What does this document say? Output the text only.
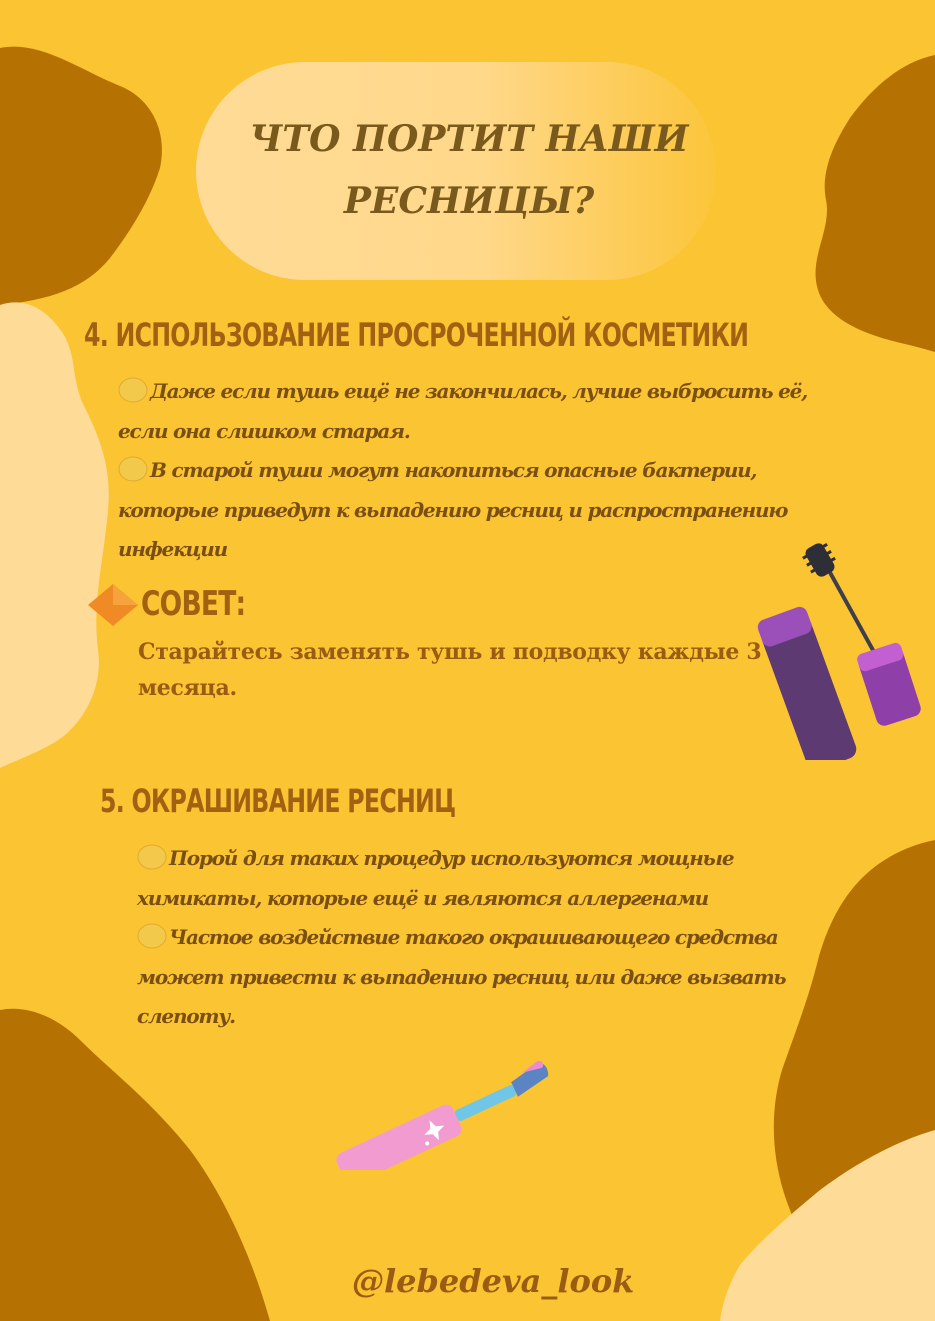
ЧТО ПОРТИТ НАШИ
РЕСНИЦЫ?
4. ИСПОЛЬЗОВАНИЕ ПРОСРОЧЕННОЙ КОСМЕТИКИ

Даже если тушь ещё не закончилась, лучше выбросить её, если она слишком старая.
В старой туши могут накопиться опасные бактерии, которые приведут к выпадению ресниц и распространению инфекции

СОВЕТ:

Старайтесь заменять тушь и подводку каждые 3 месяца.

5. ОКРАШИВАНИЕ РЕСНИЦ

Порой для таких процедур используются мощные химикаты, которые ещё и являются аллергенами
Частое воздействие такого окрашивающего средства может привести к выпадению ресниц или даже вызвать слепоту.

@lebedeva_look
